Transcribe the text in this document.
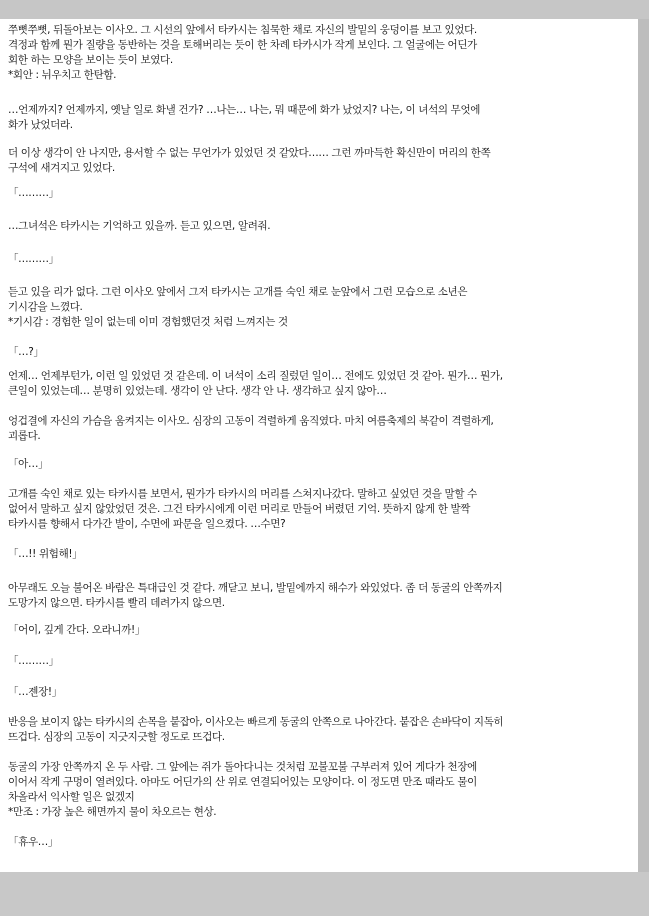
쭈뼛쭈뼛, 뒤돌아보는 이사오. 그 시선의 앞에서 타카시는 침묵한 채로 자신의 발밑의 웅덩이를 보고 있었다.
격정과 함께 뭔가 질량을 동반하는 것을 토해버리는 듯이 한 차례 타카시가 작게 보인다. 그 얼굴에는 어딘가
회한 하는 모양을 보이는 듯이 보였다.
*회안 : 뉘우치고 한탄함.
…언제까지? 언제까지, 옛날 일로 화낼 건가? …나는… 나는, 뭐 때문에 화가 났었지? 나는, 이 녀석의 무엇에
화가 났었더라.
더 이상 생각이 안 나지만, 용서할 수 없는 무언가가 있었던 것 같았다…… 그런 까마득한 확신만이 머리의 한쪽
구석에 새겨지고 있었다.
「………」
…그녀석은 타카시는 기억하고 있을까. 듣고 있으면, 알려줘.
「………」
듣고 있을 리가 없다. 그런 이사오 앞에서 그저 타카시는 고개를 숙인 채로 눈앞에서 그런 모습으로 소년은
기시감을 느꼈다.
*기시감 : 경험한 일이 없는데 이미 경험했던것 처럼 느껴지는 것
「…?」
언제… 언제부턴가, 이런 일 있었던 것 같은데. 이 녀석이 소리 질렀던 일이… 전에도 있었던 것 같아. 뭔가… 뭔가,
큰일이 있었는데… 분명히 있었는데. 생각이 안 난다. 생각 안 나. 생각하고 싶지 않아…
엉겁결에 자신의 가슴을 움켜지는 이사오. 심장의 고동이 격렬하게 움직였다. 마치 여름축제의 북같이 격렬하게,
괴롭다.
「아…」
고개를 숙인 채로 있는 타카시를 보면서, 뭔가가 타카시의 머리를 스쳐지나갔다. 말하고 싶었던 것을 말할 수
없어서 말하고 싶지 않았었던 것은. 그건 타카시에게 이런 머리로 만들어 버렸던 기억. 뜻하지 않게 한 발짝
타카시를 향해서 다가간 발이, 수면에 파문을 일으켰다. …수면?
「…!! 위험해!」
아무래도 오늘 불어온 바람은 특대급인 것 같다. 깨닫고 보니, 발밑에까지 해수가 와있었다. 좀 더 동굴의 안쪽까지
도망가지 않으면. 타카시를 빨리 데려가지 않으면.
「어이, 깊게 간다. 오라니까!」
「………」
「…젠장!」
반응을 보이지 않는 타카시의 손목을 붙잡아, 이사오는 빠르게 동굴의 안쪽으로 나아간다. 붙잡은 손바닥이 지독히
뜨겁다. 심장의 고동이 지긋지긋할 정도로 뜨겁다.
동굴의 가장 안쪽까지 온 두 사람. 그 앞에는 쥐가 돌아다니는 것처럼 꼬불꼬불 구부러져 있어 게다가 천장에
이어서 작게 구멍이 열려있다. 아마도 어딘가의 산 위로 연결되어있는 모양이다. 이 정도면 만조 때라도 물이
차올라서 익사할 일은 없겠지
*만조 : 가장 높은 해면까지 물이 차오르는 현상.
「휴우…」
